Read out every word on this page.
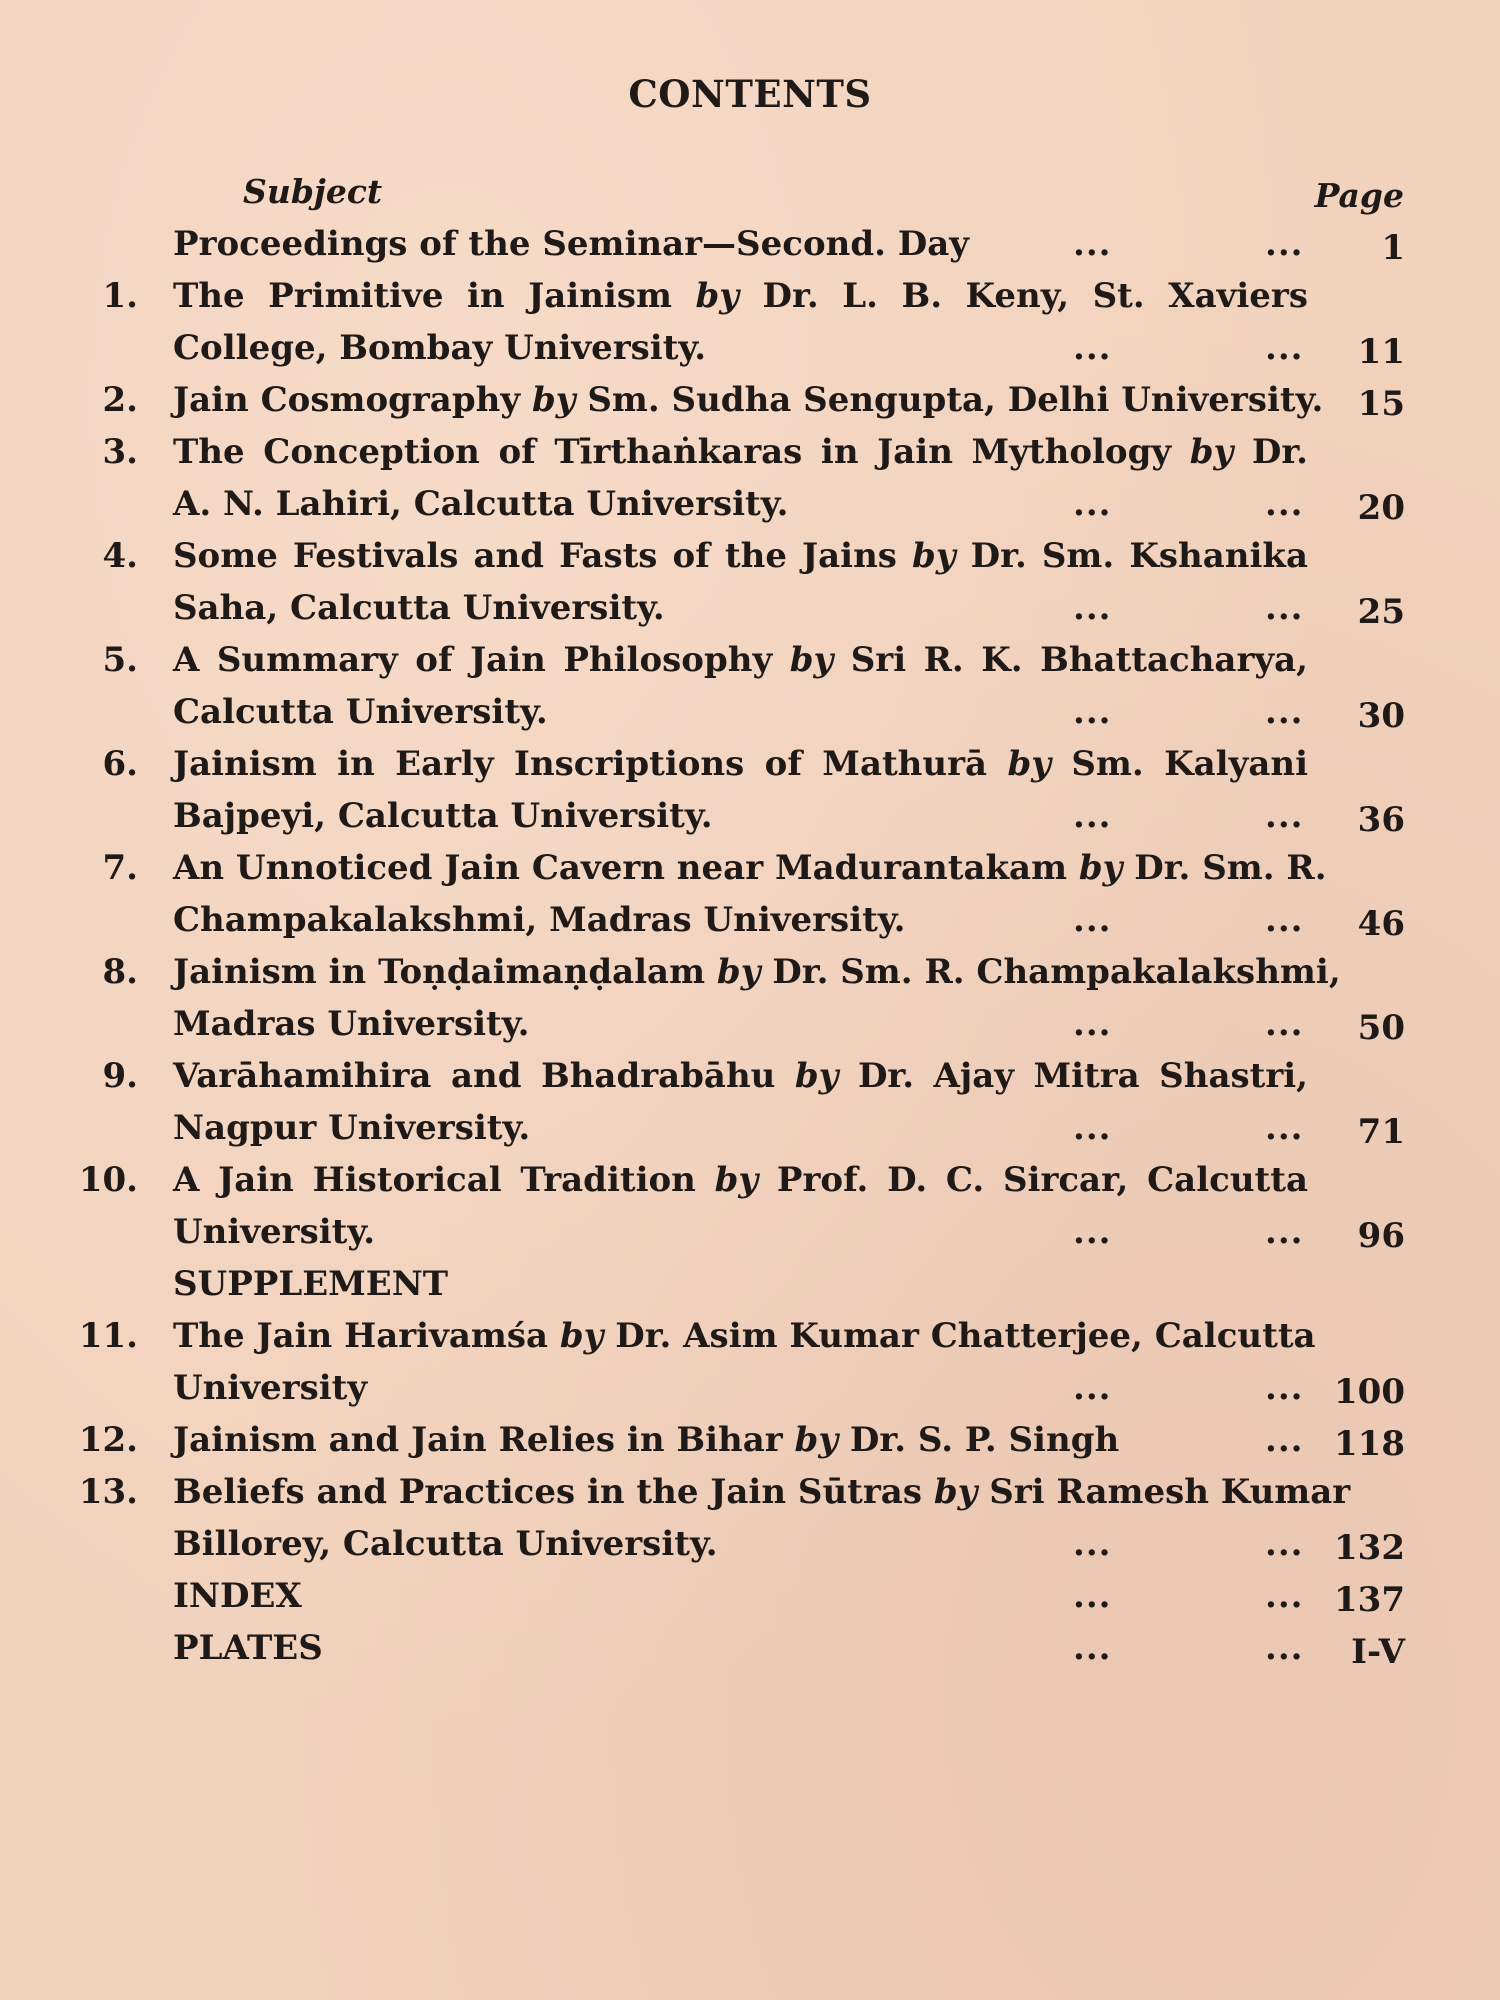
CONTENTS
Subject	Page
Proceedings of the Seminar—Second. Day	...	... 1
1. The Primitive in Jainism by Dr. L. B. Keny, St. Xaviers
College, Bombay University.	...	... 11
2. Jain Cosmography by Sm. Sudha Sengupta, Delhi University. 15
3. The Conception of Tīrthaṅkaras in Jain Mythology by Dr.
A. N. Lahiri, Calcutta University.	...	... 20
4. Some Festivals and Fasts of the Jains by Dr. Sm. Kshanika
Saha, Calcutta University.	...	... 25
5. A Summary of Jain Philosophy by Sri R. K. Bhattacharya,
Calcutta University.	...	... 30
6. Jainism in Early Inscriptions of Mathurā by Sm. Kalyani
Bajpeyi, Calcutta University.	...	... 36
7. An Unnoticed Jain Cavern near Madurantakam by Dr. Sm. R.
Champakalakshmi, Madras University.	...	... 46
8. Jainism in Toṇḍaimaṇḍalam by Dr. Sm. R. Champakalakshmi,
Madras University.	...	... 50
9. Varāhamihira and Bhadrabāhu by Dr. Ajay Mitra Shastri,
Nagpur University.	...	... 71
10. A Jain Historical Tradition by Prof. D. C. Sircar, Calcutta
University.	...	... 96
SUPPLEMENT
11. The Jain Harivamśa by Dr. Asim Kumar Chatterjee, Calcutta
University	...	... 100
12. Jainism and Jain Relies in Bihar by Dr. S. P. Singh	... 118
13. Beliefs and Practices in the Jain Sūtras by Sri Ramesh Kumar
Billorey, Calcutta University.	...	... 132
INDEX	...	... 137
PLATES	...	... I-V
